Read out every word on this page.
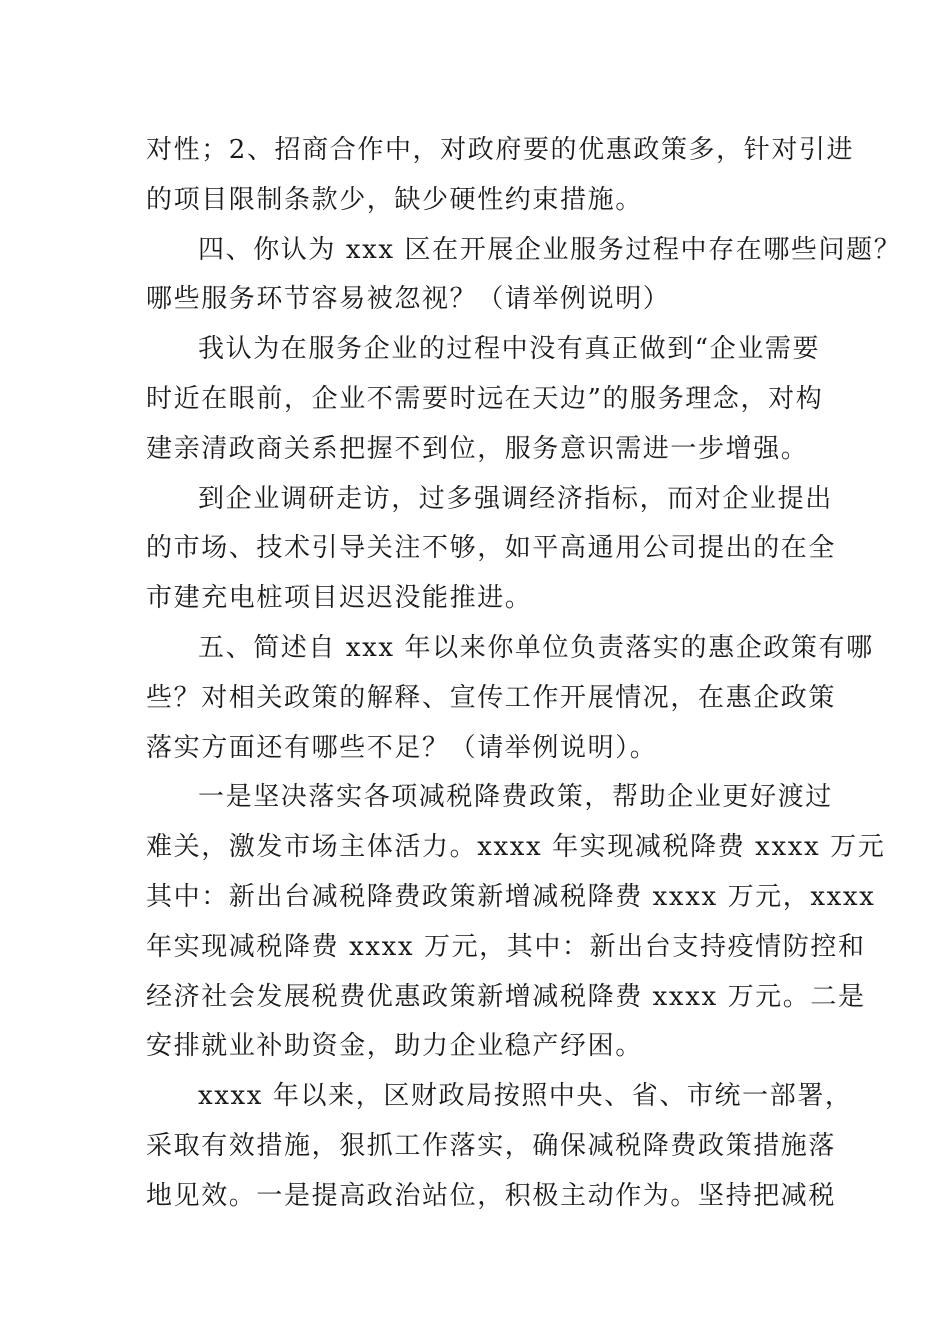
对性；2、招商合作中，对政府要的优惠政策多，针对引进
的项目限制条款少，缺少硬性约束措施。
四、你认为 xxx 区在开展企业服务过程中存在哪些问题？
哪些服务环节容易被忽视？（请举例说明）
我认为在服务企业的过程中没有真正做到“企业需要
时近在眼前，企业不需要时远在天边”的服务理念，对构
建亲清政商关系把握不到位，服务意识需进一步增强。
到企业调研走访，过多强调经济指标，而对企业提出
的市场、技术引导关注不够，如平高通用公司提出的在全
市建充电桩项目迟迟没能推进。
五、简述自 xxx 年以来你单位负责落实的惠企政策有哪
些？对相关政策的解释、宣传工作开展情况，在惠企政策
落实方面还有哪些不足？（请举例说明）。
一是坚决落实各项减税降费政策，帮助企业更好渡过
难关，激发市场主体活力。xxxx 年实现减税降费 xxxx 万元
其中：新出台减税降费政策新增减税降费 xxxx 万元，xxxx
年实现减税降费 xxxx 万元，其中：新出台支持疫情防控和
经济社会发展税费优惠政策新增减税降费 xxxx 万元。二是
安排就业补助资金，助力企业稳产纾困。
xxxx 年以来，区财政局按照中央、省、市统一部署，
采取有效措施，狠抓工作落实，确保减税降费政策措施落
地见效。一是提高政治站位，积极主动作为。坚持把减税
